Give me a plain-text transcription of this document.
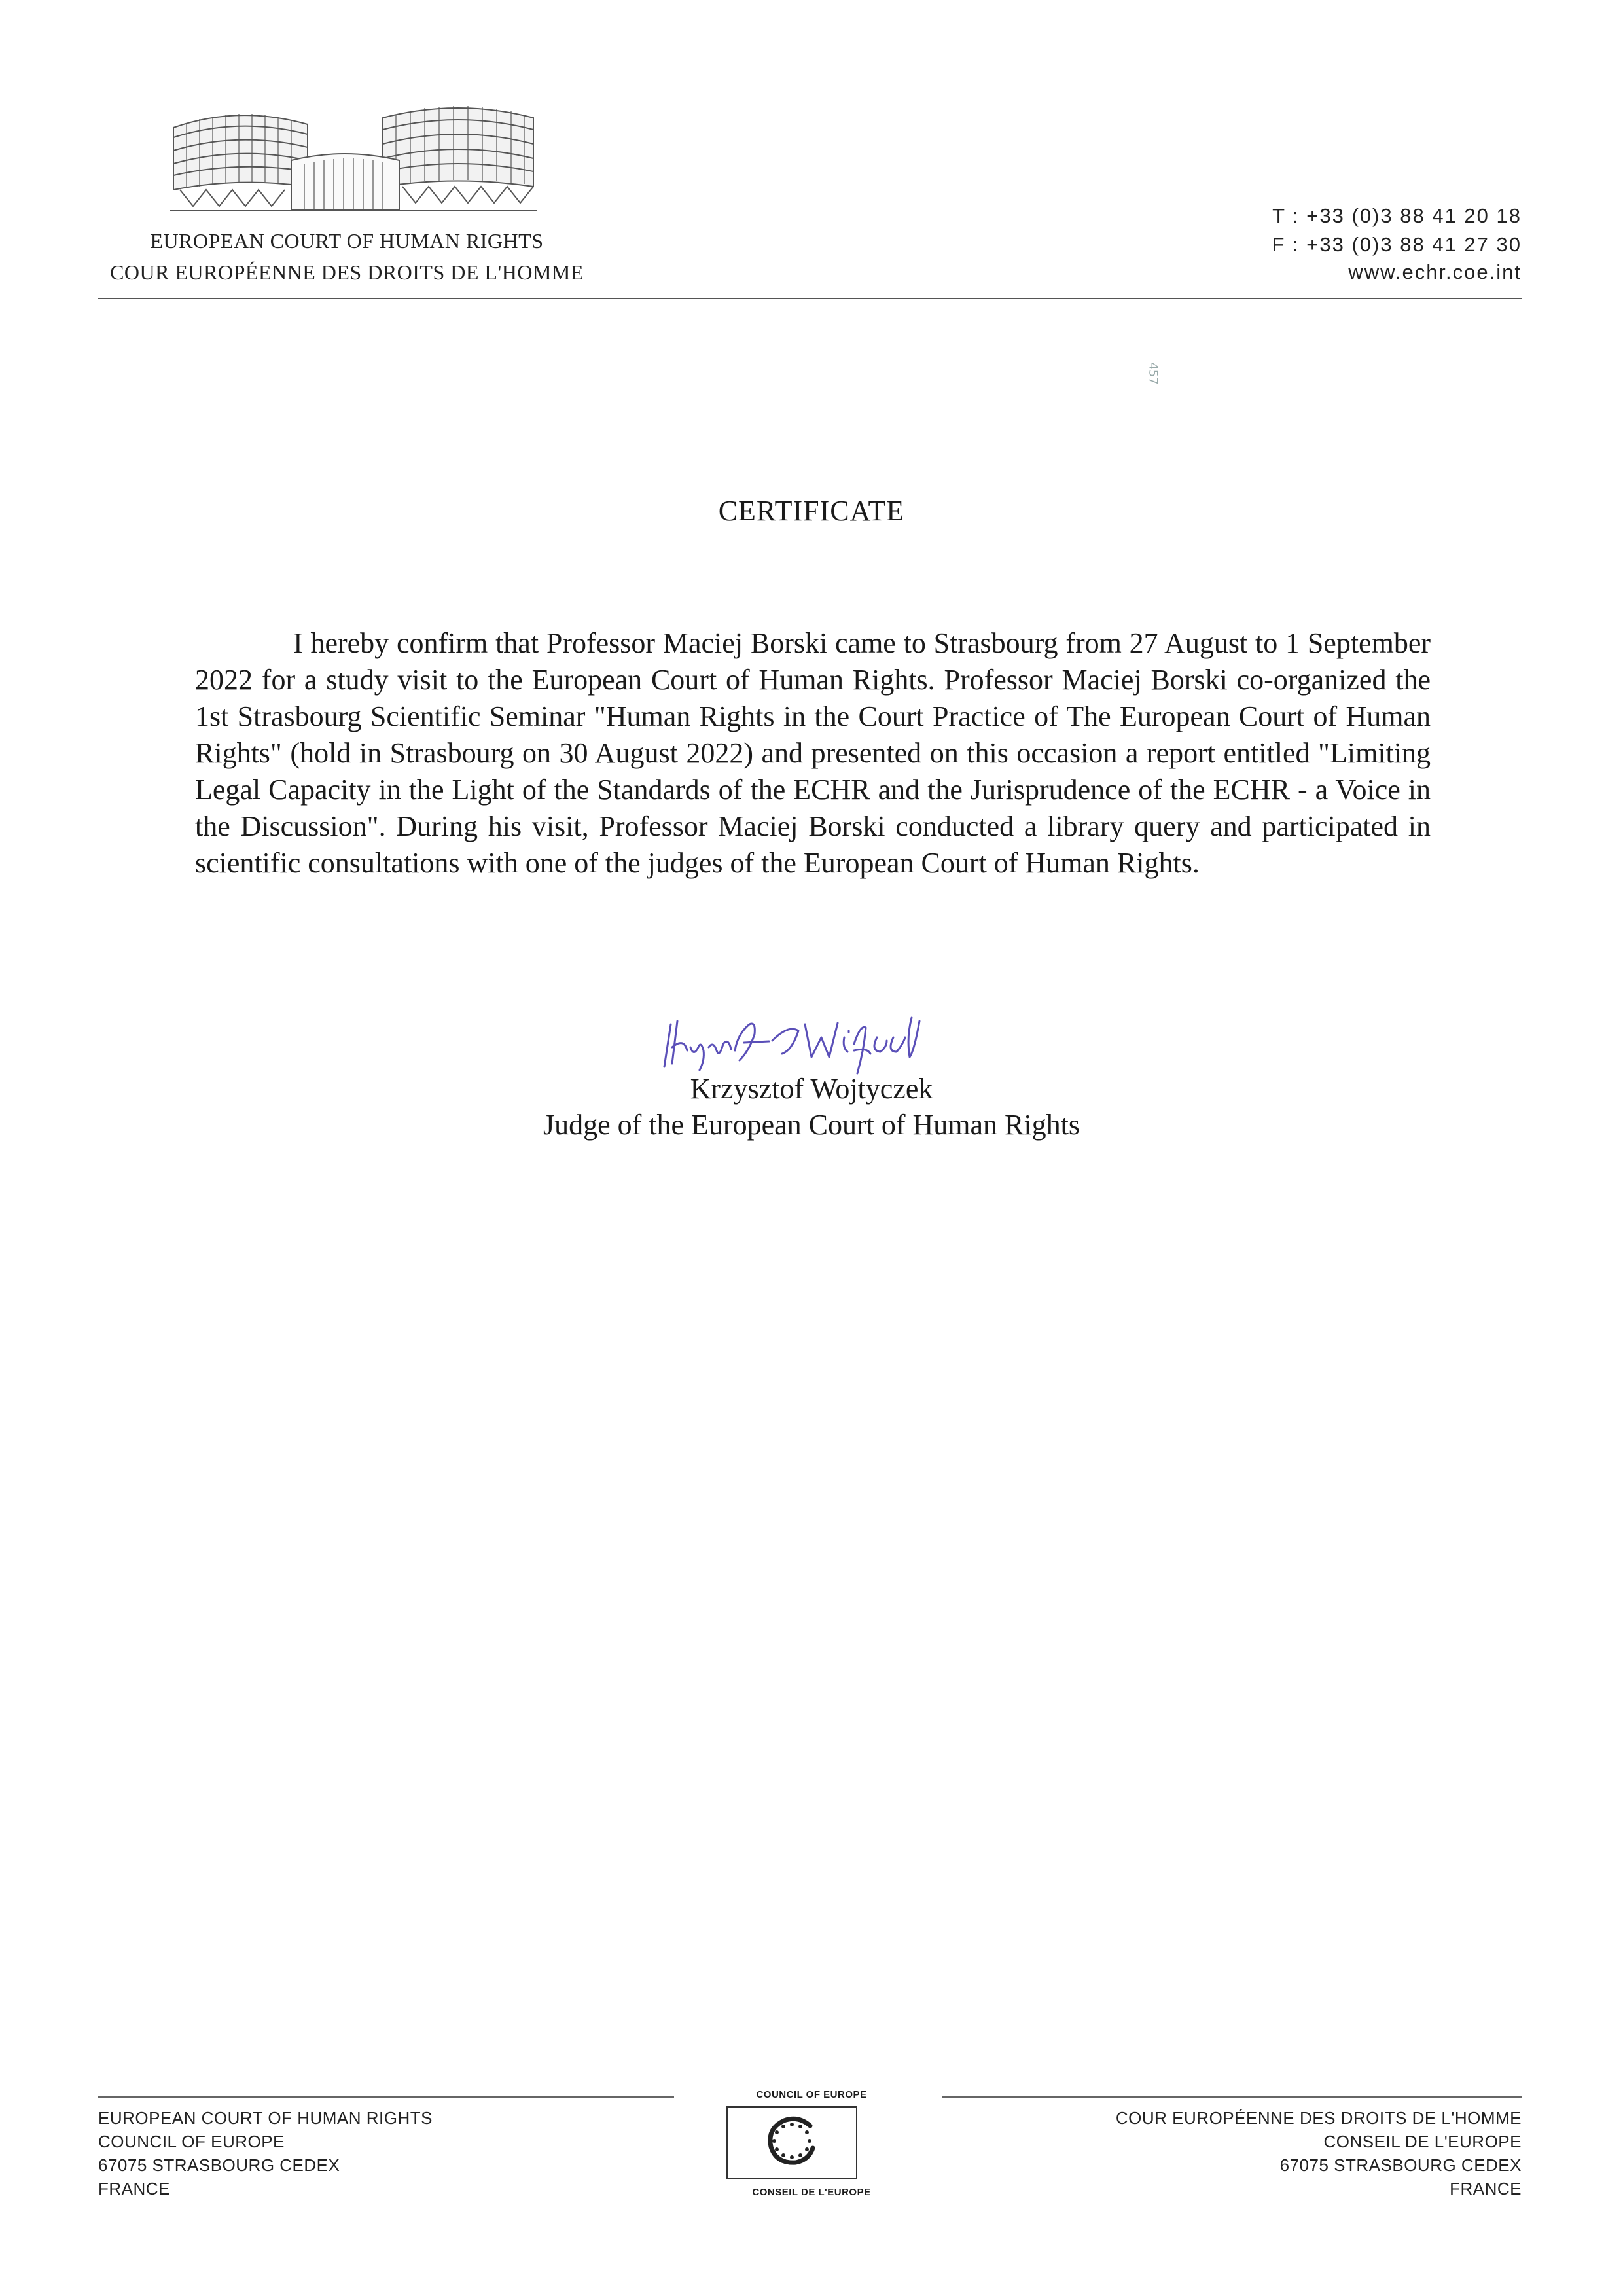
EUROPEAN COURT OF HUMAN RIGHTS
COUR EUROPÉENNE DES DROITS DE L'HOMME
T : +33 (0)3 88 41 20 18
F : +33 (0)3 88 41 27 30
www.echr.coe.int
457
CERTIFICATE
I hereby confirm that Professor Maciej Borski came to Strasbourg from 27 August to 1 September 2022 for a study visit to the European Court of Human Rights. Professor Maciej Borski co-organized the 1st Strasbourg Scientific Seminar "Human Rights in the Court Practice of The European Court of Human Rights" (hold in Strasbourg on 30 August 2022) and presented on this occasion a report entitled "Limiting Legal Capacity in the Light of the Standards of the ECHR and the Jurisprudence of the ECHR - a Voice in the Discussion". During his visit, Professor Maciej Borski conducted a library query and participated in scientific consultations with one of the judges of the European Court of Human Rights.
Krzysztof Wojtyczek
Judge of the European Court of Human Rights
EUROPEAN COURT OF HUMAN RIGHTS
COUNCIL OF EUROPE
67075 STRASBOURG CEDEX
FRANCE
COUR EUROPÉENNE DES DROITS DE L'HOMME
CONSEIL DE L'EUROPE
67075 STRASBOURG CEDEX
FRANCE
COUNCIL OF EUROPE
CONSEIL DE L'EUROPE
